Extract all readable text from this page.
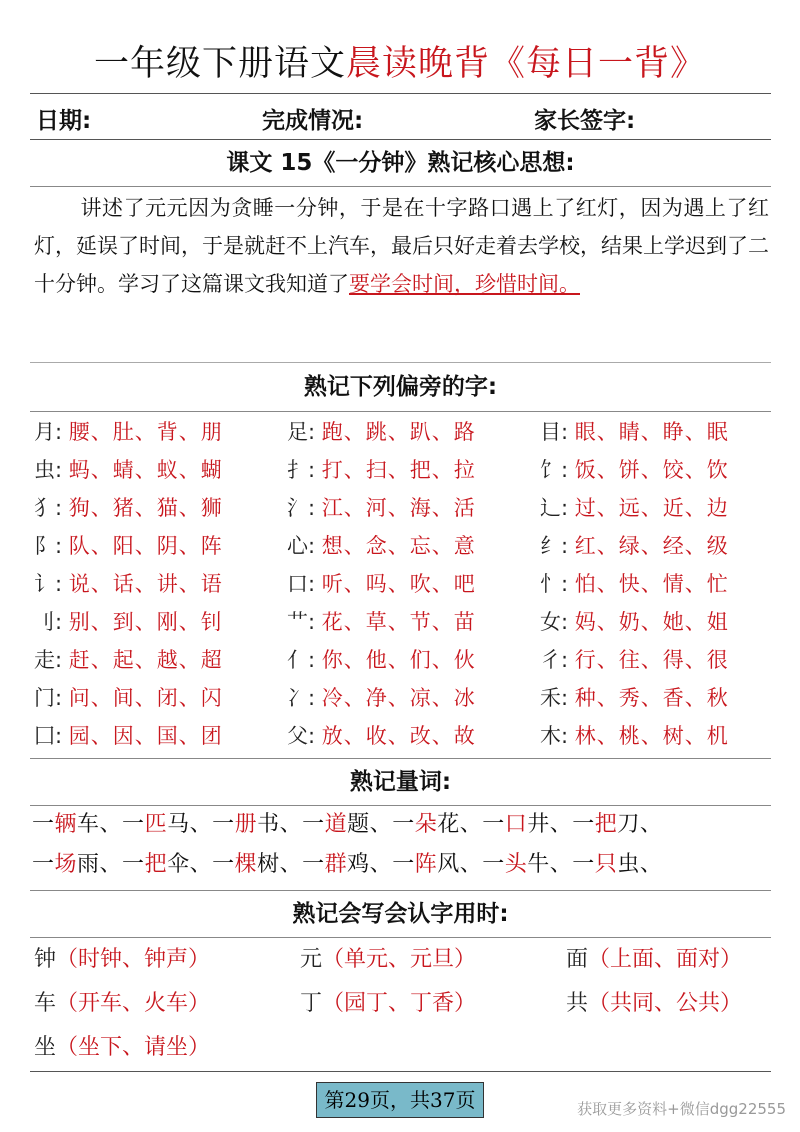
一年级下册语文晨读晚背《每日一背》
日期:	完成情况:	家长签字:
课文 15《一分钟》熟记核心思想:
讲述了元元因为贪睡一分钟，于是在十字路口遇上了红灯，因为遇上了红灯，延误了时间，于是就赶不上汽车，最后只好走着去学校，结果上学迟到了二十分钟。学习了这篇课文我知道了要学会时间，珍惜时间。
熟记下列偏旁的字:
月: 腰、肚、背、朋	足: 跑、跳、趴、路	目: 眼、睛、睁、眠
虫: 蚂、蜻、蚁、蝴	扌: 打、扫、把、拉	饣: 饭、饼、饺、饮
犭: 狗、猪、猫、狮	氵: 江、河、海、活	辶: 过、远、近、边
阝: 队、阳、阴、阵	心: 想、念、忘、意	纟: 红、绿、经、级
讠: 说、话、讲、语	口: 听、吗、吹、吧	忄: 怕、快、情、忙
刂: 别、到、刚、钊	艹: 花、草、节、苗	女: 妈、奶、她、姐
走: 赶、起、越、超	亻: 你、他、们、伙	彳: 行、往、得、很
门: 问、间、闭、闪	冫: 冷、净、凉、冰	禾: 种、秀、香、秋
囗: 园、因、国、团	父: 放、收、改、故	木: 林、桃、树、机
熟记量词:
一辆车、一匹马、一册书、一道题、一朵花、一口井、一把刀、
一场雨、一把伞、一棵树、一群鸡、一阵风、一头牛、一只虫、
熟记会写会认字用时:
钟（时钟、钟声）	元（单元、元旦）	面（上面、面对）
车（开车、火车）	丁（园丁、丁香）	共（共同、公共）
坐（坐下、请坐）
第29页，共37页	获取更多资料+微信dgg22555
